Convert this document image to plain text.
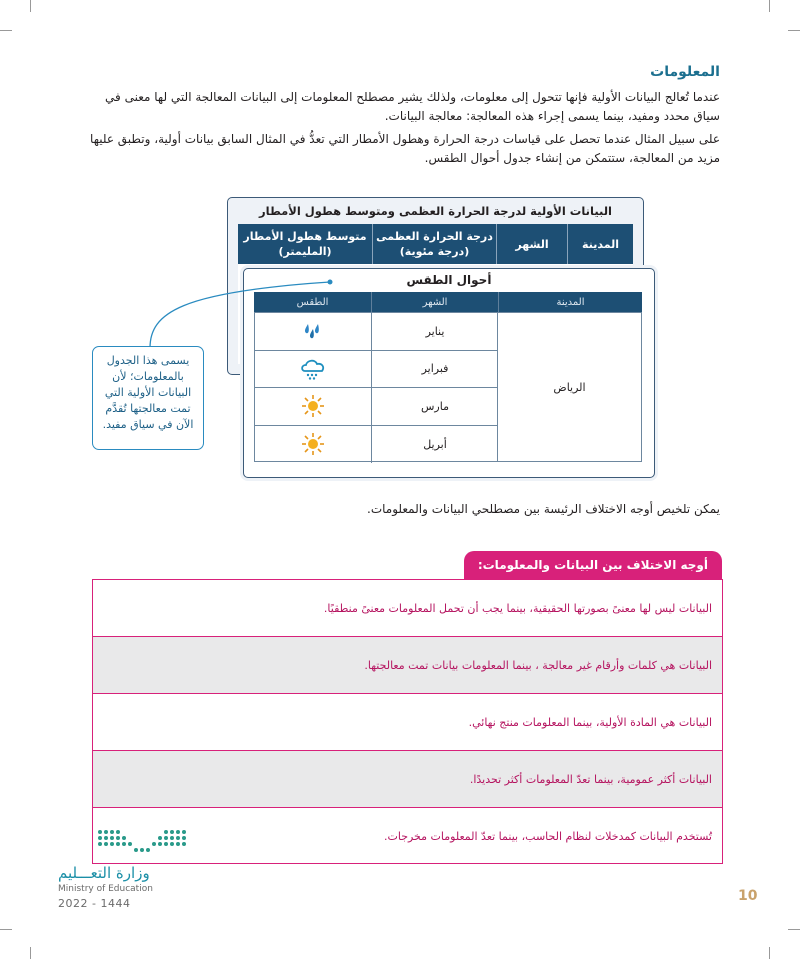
المعلومات

عندما تُعالج البيانات الأولية فإنها تتحول إلى معلومات، ولذلك يشير مصطلح المعلومات إلى البيانات المعالجة التي لها معنى في سياق محدد ومفيد، بينما يسمى إجراء هذه المعالجة: معالجة البيانات.

على سبيل المثال عندما تحصل على قياسات درجة الحرارة وهطول الأمطار التي تعدُّ في المثال السابق بيانات أولية، وتطبق عليها مزيد من المعالجة، ستتمكن من إنشاء جدول أحوال الطقس.

البيانات الأولية لدرجة الحرارة العظمى ومتوسط هطول الأمطار
المدينة
الشهر
درجة الحرارة العظمى (درجة مئوية)
متوسط هطول الأمطار (المليمتر)
أحوال الطقس
المدينة
الشهر
الطقس
الرياض
يناير
فبراير
مارس
أبريل
يسمى هذا الجدول بالمعلومات؛ لأن البيانات الأولية التي تمت معالجتها تُقدَّم الآن في سياق مفيد.

يمكن تلخيص أوجه الاختلاف الرئيسة بين مصطلحي البيانات والمعلومات.

أوجه الاختلاف بين البيانات والمعلومات:
البيانات ليس لها معنىً بصورتها الحقيقية، بينما يجب أن تحمل المعلومات معنىً منطقيًا.
البيانات هي كلمات وأرقام غير معالجة ، بينما المعلومات بيانات تمت معالجتها.
البيانات هي المادة الأولية، بينما المعلومات منتج نهائي.
البيانات أكثر عمومية، بينما تعدّ المعلومات أكثر تحديدًا.
تُستخدم البيانات كمدخلات لنظام الحاسب، بينما تعدّ المعلومات مخرجات.
وزارة التعـــليم
Ministry of Education
2022 - 1444	10
